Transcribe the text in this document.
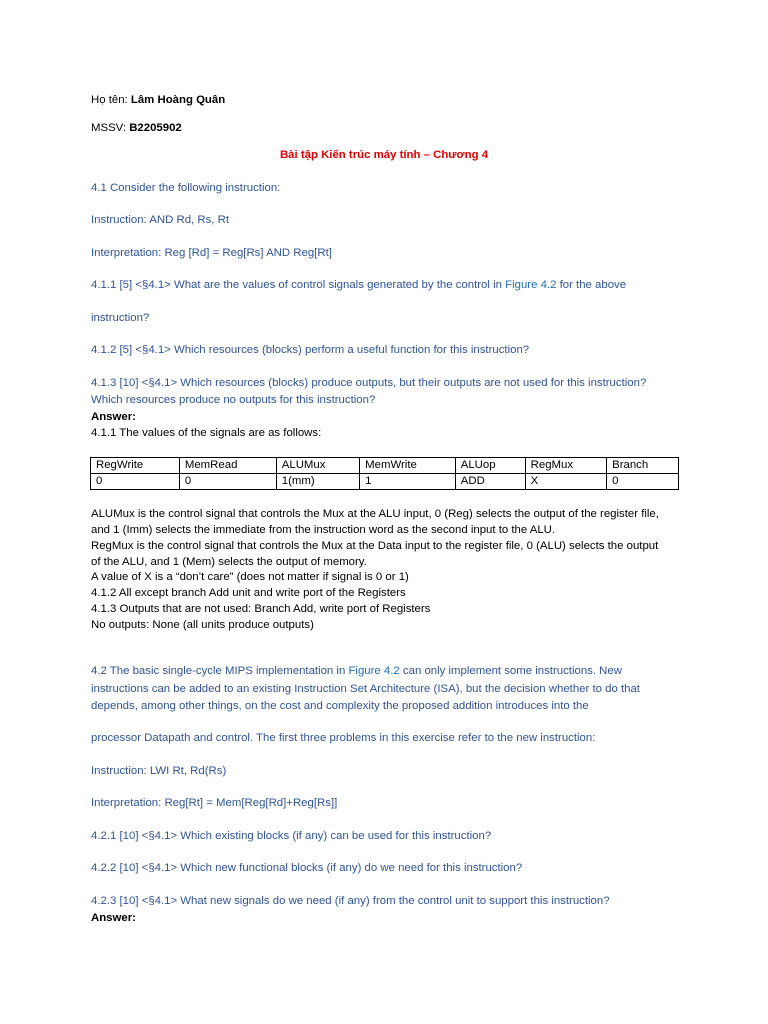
Họ tên: Lâm Hoàng Quân
MSSV: B2205902
Bài tập Kiến trúc máy tính – Chương 4
4.1 Consider the following instruction:
Instruction: AND Rd, Rs, Rt
Interpretation: Reg [Rd] = Reg[Rs] AND Reg[Rt]
4.1.1 [5] <§4.1> What are the values of control signals generated by the control in Figure 4.2 for the above
instruction?
4.1.2 [5] <§4.1> Which resources (blocks) perform a useful function for this instruction?
4.1.3 [10] <§4.1> Which resources (blocks) produce outputs, but their outputs are not used for this instruction?
Which resources produce no outputs for this instruction?
Answer:
4.1.1 The values of the signals are as follows:
RegWrite	MemRead	ALUMux	MemWrite	ALUop	RegMux	Branch
0	0	1(mm)	1	ADD	X	0
ALUMux is the control signal that controls the Mux at the ALU input, 0 (Reg) selects the output of the register file,
and 1 (Imm) selects the immediate from the instruction word as the second input to the ALU.
RegMux is the control signal that controls the Mux at the Data input to the register file, 0 (ALU) selects the output
of the ALU, and 1 (Mem) selects the output of memory.
A value of X is a “don’t care” (does not matter if signal is 0 or 1)
4.1.2 All except branch Add unit and write port of the Registers
4.1.3 Outputs that are not used: Branch Add, write port of Registers
No outputs: None (all units produce outputs)
4.2 The basic single-cycle MIPS implementation in Figure 4.2 can only implement some instructions. New
instructions can be added to an existing Instruction Set Architecture (ISA), but the decision whether to do that
depends, among other things, on the cost and complexity the proposed addition introduces into the
processor Datapath and control. The first three problems in this exercise refer to the new instruction:
Instruction: LWI Rt, Rd(Rs)
Interpretation: Reg[Rt] = Mem[Reg[Rd]+Reg[Rs]]
4.2.1 [10] <§4.1> Which existing blocks (if any) can be used for this instruction?
4.2.2 [10] <§4.1> Which new functional blocks (if any) do we need for this instruction?
4.2.3 [10] <§4.1> What new signals do we need (if any) from the control unit to support this instruction?
Answer:
